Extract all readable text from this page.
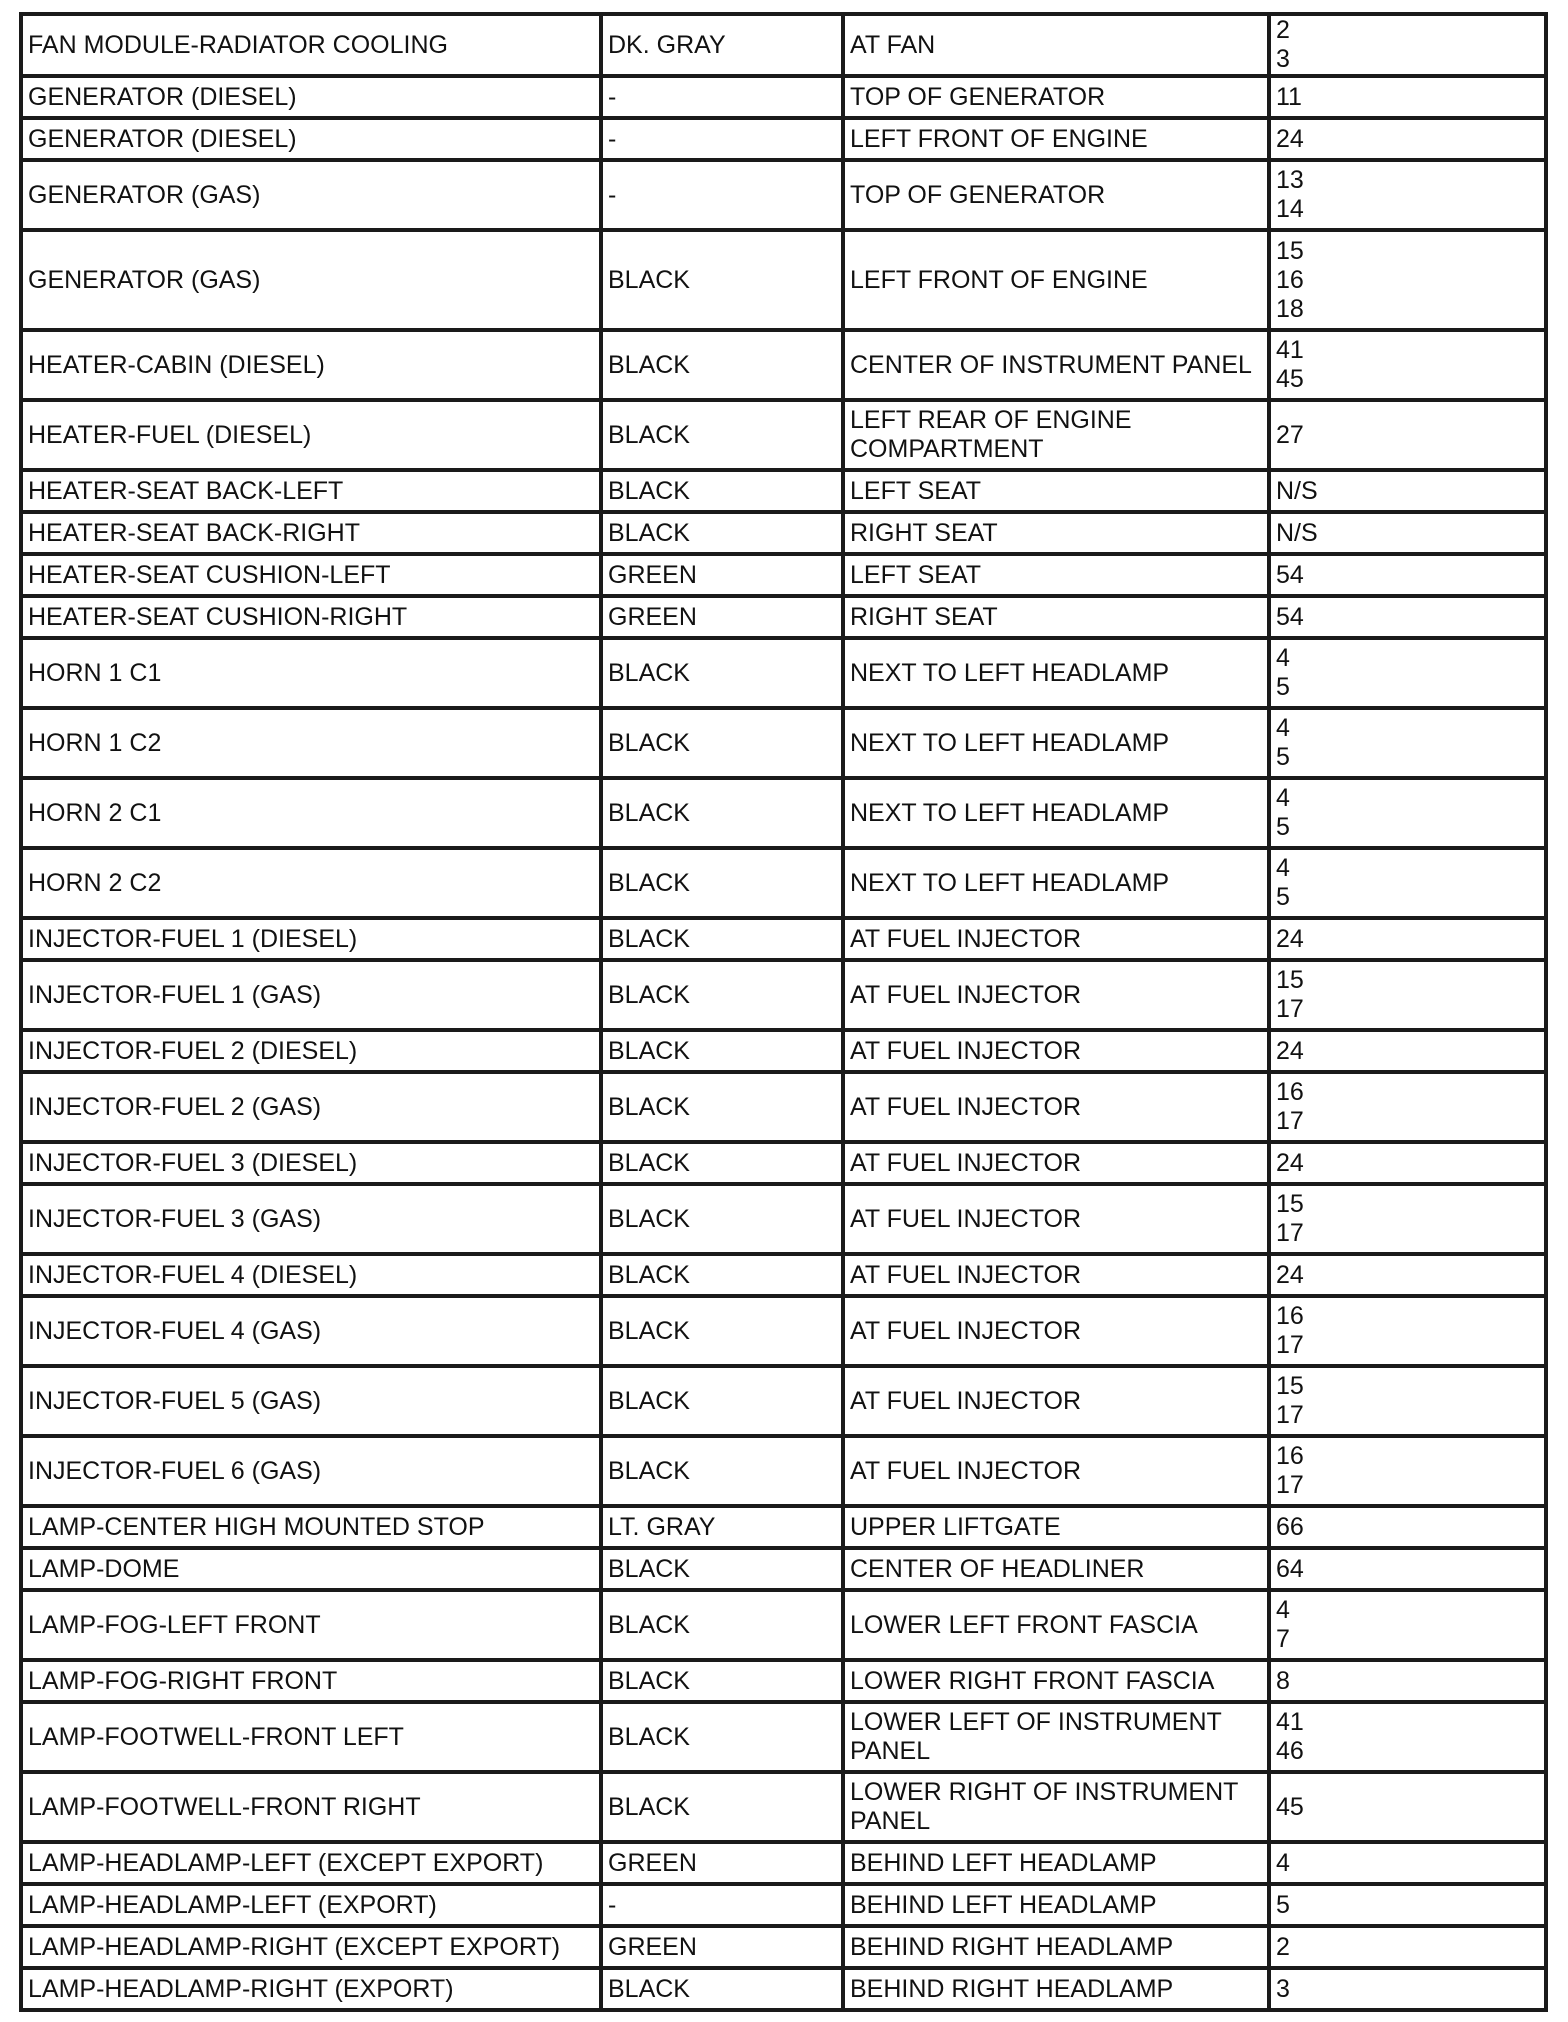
FAN MODULE-RADIATOR COOLING	DK. GRAY	AT FAN	2
3

GENERATOR (DIESEL)	-	TOP OF GENERATOR	11

GENERATOR (DIESEL)	-	LEFT FRONT OF ENGINE	24

GENERATOR (GAS)	-	TOP OF GENERATOR	13
14

GENERATOR (GAS)	BLACK	LEFT FRONT OF ENGINE	15
16
18

HEATER-CABIN (DIESEL)	BLACK	CENTER OF INSTRUMENT PANEL	41
45

HEATER-FUEL (DIESEL)	BLACK	LEFT REAR OF ENGINE COMPARTMENT	27

HEATER-SEAT BACK-LEFT	BLACK	LEFT SEAT	N/S

HEATER-SEAT BACK-RIGHT	BLACK	RIGHT SEAT	N/S

HEATER-SEAT CUSHION-LEFT	GREEN	LEFT SEAT	54

HEATER-SEAT CUSHION-RIGHT	GREEN	RIGHT SEAT	54

HORN 1 C1	BLACK	NEXT TO LEFT HEADLAMP	4
5

HORN 1 C2	BLACK	NEXT TO LEFT HEADLAMP	4
5

HORN 2 C1	BLACK	NEXT TO LEFT HEADLAMP	4
5

HORN 2 C2	BLACK	NEXT TO LEFT HEADLAMP	4
5

INJECTOR-FUEL 1 (DIESEL)	BLACK	AT FUEL INJECTOR	24

INJECTOR-FUEL 1 (GAS)	BLACK	AT FUEL INJECTOR	15
17

INJECTOR-FUEL 2 (DIESEL)	BLACK	AT FUEL INJECTOR	24

INJECTOR-FUEL 2 (GAS)	BLACK	AT FUEL INJECTOR	16
17

INJECTOR-FUEL 3 (DIESEL)	BLACK	AT FUEL INJECTOR	24

INJECTOR-FUEL 3 (GAS)	BLACK	AT FUEL INJECTOR	15
17

INJECTOR-FUEL 4 (DIESEL)	BLACK	AT FUEL INJECTOR	24

INJECTOR-FUEL 4 (GAS)	BLACK	AT FUEL INJECTOR	16
17

INJECTOR-FUEL 5 (GAS)	BLACK	AT FUEL INJECTOR	15
17

INJECTOR-FUEL 6 (GAS)	BLACK	AT FUEL INJECTOR	16
17

LAMP-CENTER HIGH MOUNTED STOP	LT. GRAY	UPPER LIFTGATE	66

LAMP-DOME	BLACK	CENTER OF HEADLINER	64

LAMP-FOG-LEFT FRONT	BLACK	LOWER LEFT FRONT FASCIA	4
7

LAMP-FOG-RIGHT FRONT	BLACK	LOWER RIGHT FRONT FASCIA	8

LAMP-FOOTWELL-FRONT LEFT	BLACK	LOWER LEFT OF INSTRUMENT PANEL	41
46

LAMP-FOOTWELL-FRONT RIGHT	BLACK	LOWER RIGHT OF INSTRUMENT PANEL	45

LAMP-HEADLAMP-LEFT (EXCEPT EXPORT)	GREEN	BEHIND LEFT HEADLAMP	4

LAMP-HEADLAMP-LEFT (EXPORT)	-	BEHIND LEFT HEADLAMP	5

LAMP-HEADLAMP-RIGHT (EXCEPT EXPORT)	GREEN	BEHIND RIGHT HEADLAMP	2

LAMP-HEADLAMP-RIGHT (EXPORT)	BLACK	BEHIND RIGHT HEADLAMP	3
